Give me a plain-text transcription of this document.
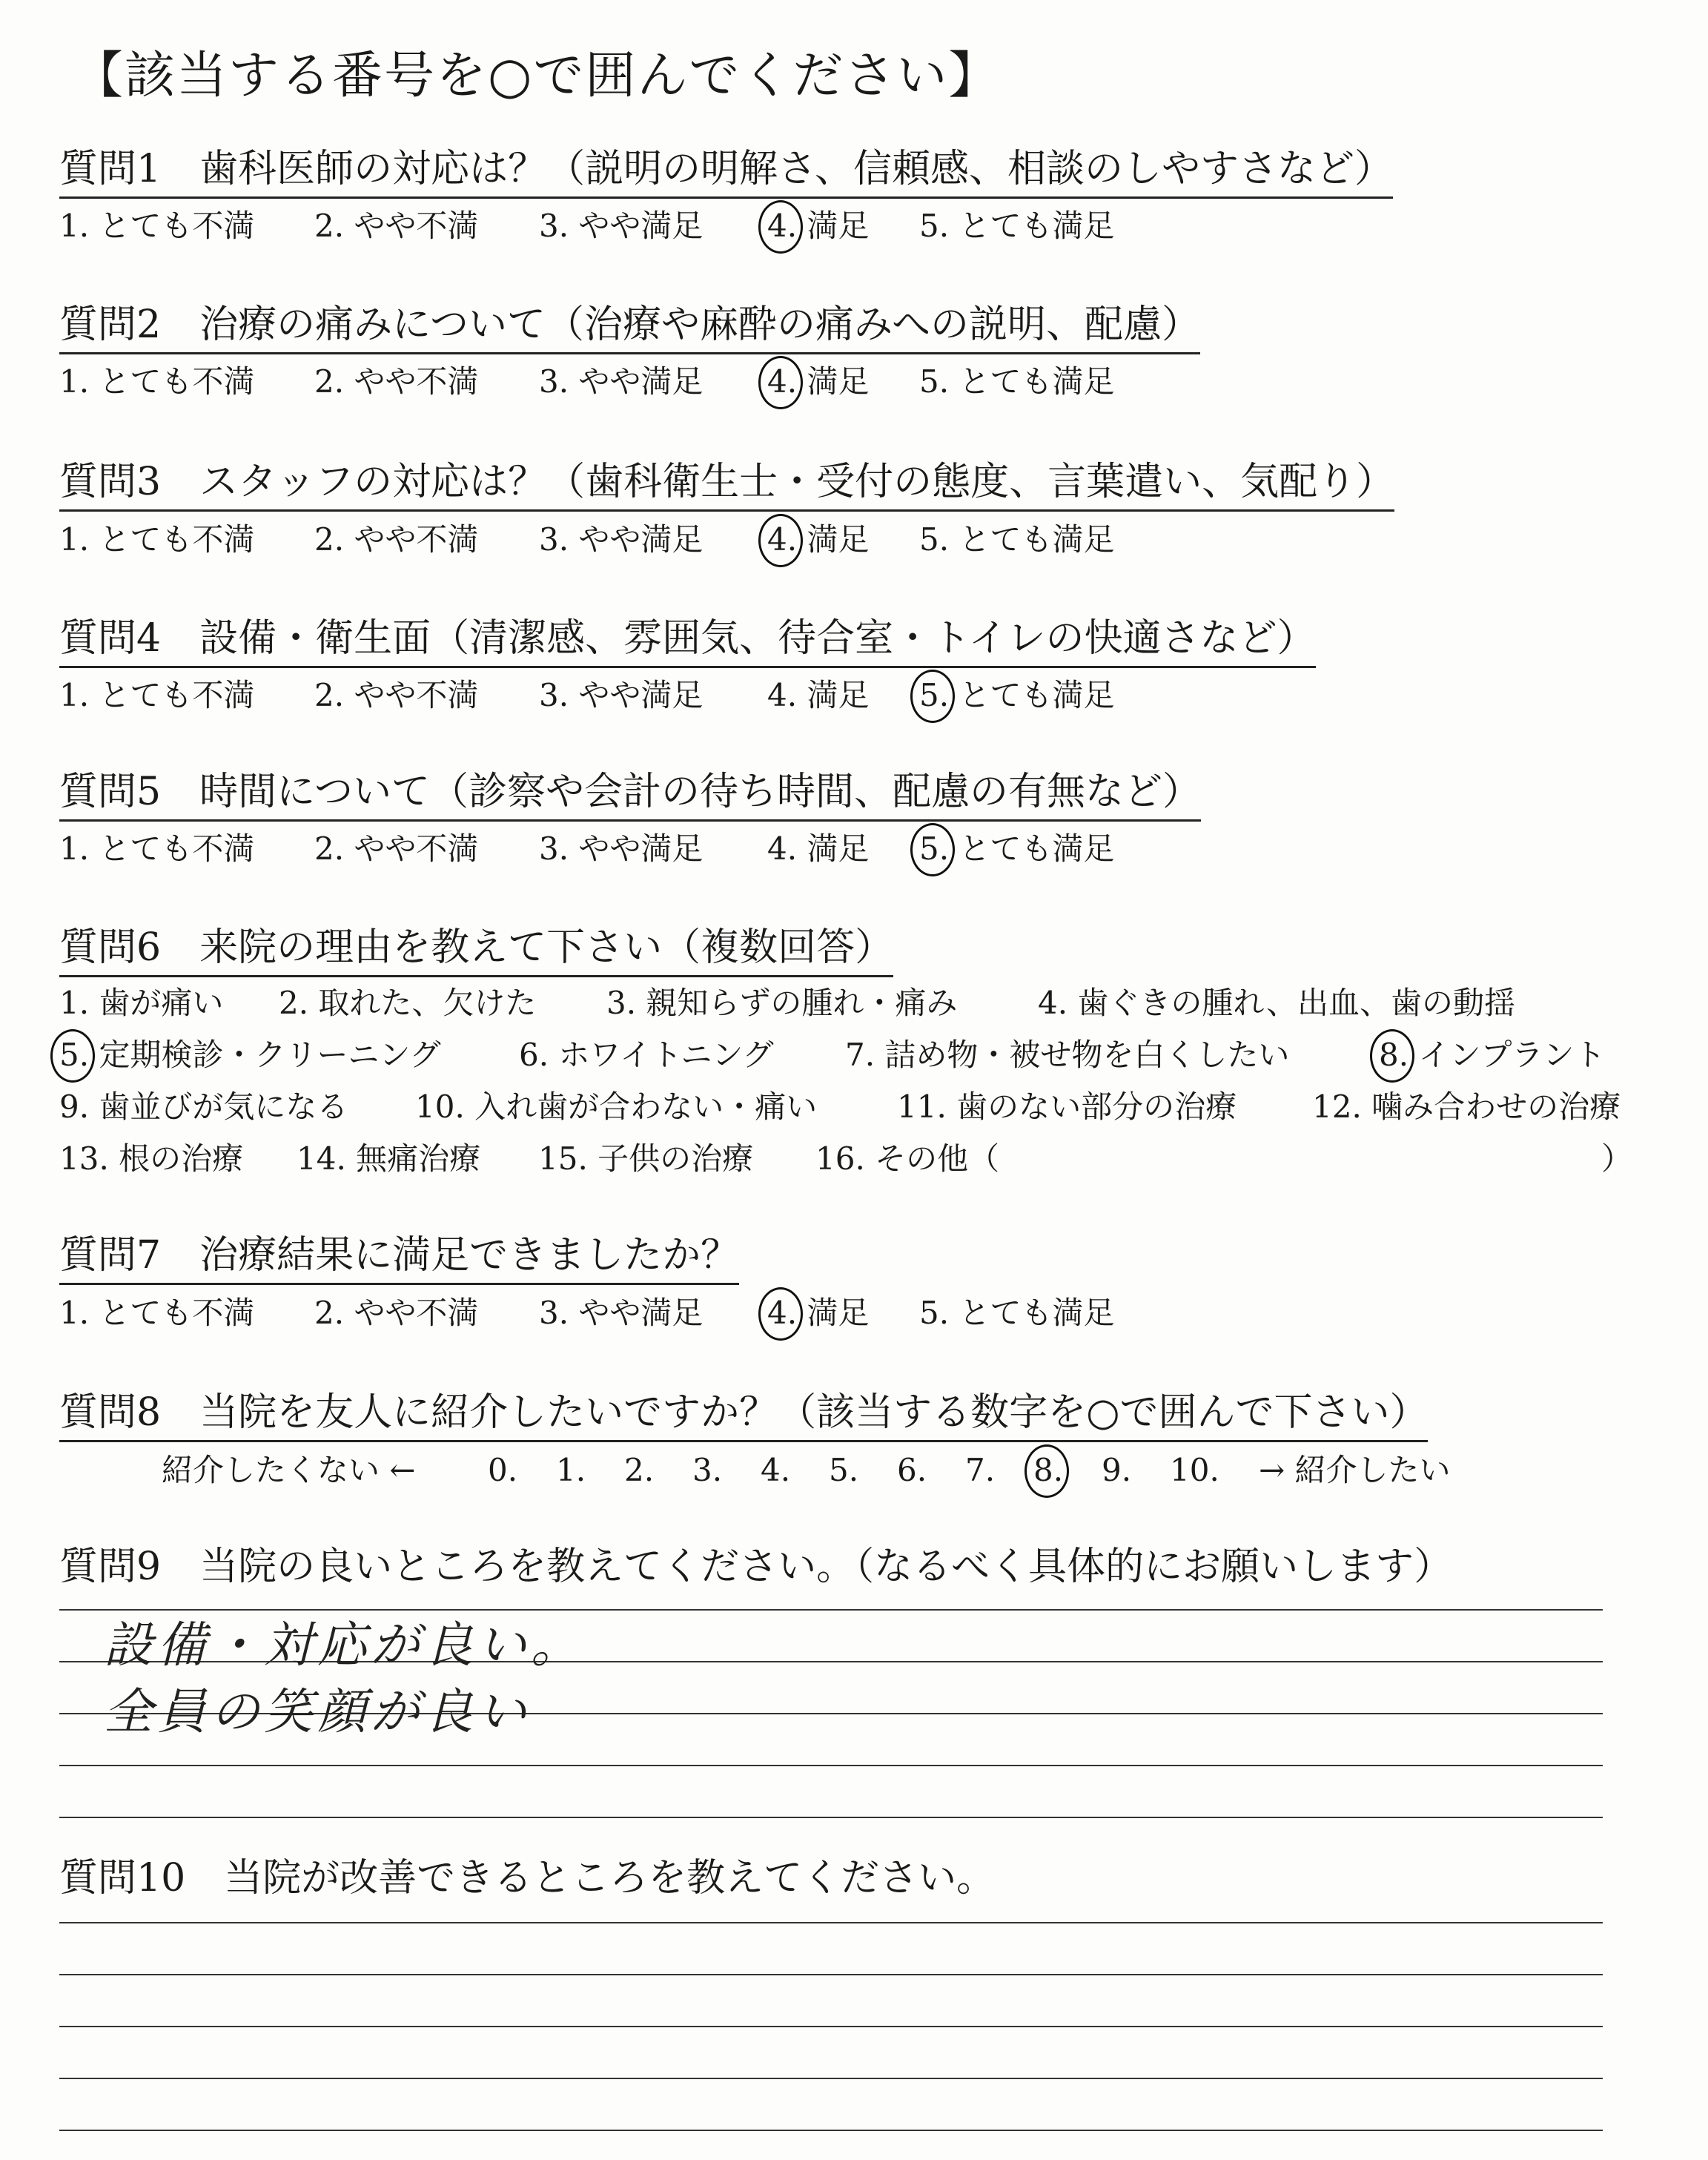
【該当する番号を○で囲んでください】
質問1　歯科医師の対応は？（説明の明解さ、信頼感、相談のしやすさなど）
1. とても不満 2. やや不満 3. やや満足 4. 満足 5. とても満足
質問2　治療の痛みについて（治療や麻酔の痛みへの説明、配慮）
1. とても不満 2. やや不満 3. やや満足 4. 満足 5. とても満足
質問3　スタッフの対応は？（歯科衛生士・受付の態度、言葉遣い、気配り）
1. とても不満 2. やや不満 3. やや満足 4. 満足 5. とても満足
質問4　設備・衛生面（清潔感、雰囲気、待合室・トイレの快適さなど）
1. とても不満 2. やや不満 3. やや満足 4. 満足 5. とても満足
質問5　時間について（診察や会計の待ち時間、配慮の有無など）
1. とても不満 2. やや不満 3. やや満足 4. 満足 5. とても満足
質問6　来院の理由を教えて下さい（複数回答）
1. 歯が痛い 2. 取れた、欠けた 3. 親知らずの腫れ・痛み	4. 歯ぐきの腫れ、出血、歯の動揺
5. 定期検診・クリーニング	6. ホワイトニング 7. 詰め物・被せ物を白くしたい	8. インプラント
9. 歯並びが気になる 10. 入れ歯が合わない・痛い	11. 歯のない部分の治療 12. 噛み合わせの治療
13. 根の治療 14. 無痛治療 15. 子供の治療 16. その他（	）
質問7　治療結果に満足できましたか？
1. とても不満 2. やや不満 3. やや満足 4. 満足 5. とても満足
質問8　当院を友人に紹介したいですか？（該当する数字を○で囲んで下さい）
紹介したくない ← 0. 1. 2. 3. 4. 5. 6. 7. 8. 9. 10. → 紹介したい
質問9　当院の良いところを教えてください。（なるべく具体的にお願いします）
設備・対応が良い。
全員の笑顔が良い
質問10　当院が改善できるところを教えてください。
